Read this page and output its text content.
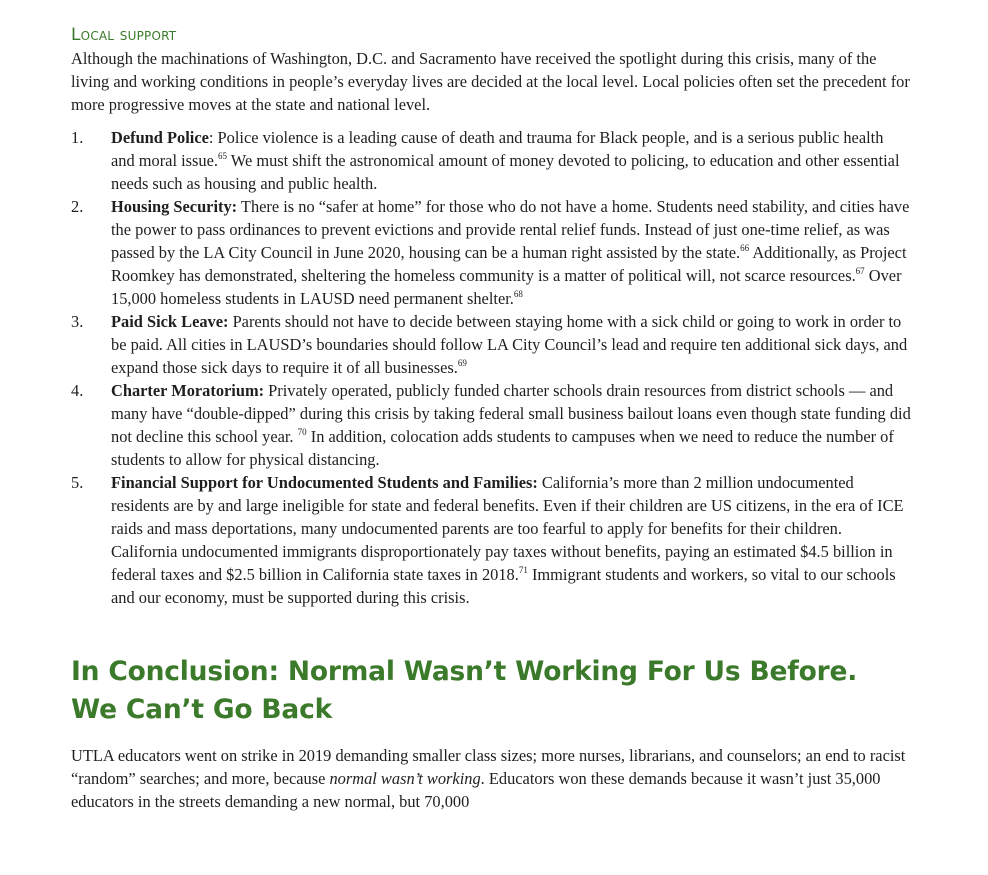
Local support

Although the machinations of Washington, D.C. and Sacramento have received the spotlight during this crisis, many of the living and working conditions in people’s everyday lives are decided at the local level. Local policies often set the precedent for more progressive moves at the state and national level.

1. Defund Police: Police violence is a leading cause of death and trauma for Black people, and is a serious public health and moral issue.$^{65}$ We must shift the astronomical amount of money devoted to policing, to education and other essential needs such as housing and public health.
2. Housing Security: There is no “safer at home” for those who do not have a home. Students need stability, and cities have the power to pass ordinances to prevent evictions and provide rental relief funds. Instead of just one-time relief, as was passed by the LA City Council in June 2020, housing can be a human right assisted by the state.$^{66}$ Additionally, as Project Roomkey has demonstrated, sheltering the homeless community is a matter of political will, not scarce resources.$^{67}$ Over 15,000 homeless students in LAUSD need permanent shelter.$^{68}$
3. Paid Sick Leave: Parents should not have to decide between staying home with a sick child or going to work in order to be paid. All cities in LAUSD’s boundaries should follow LA City Council’s lead and require ten additional sick days, and expand those sick days to require it of all businesses.$^{69}$
4. Charter Moratorium: Privately operated, publicly funded charter schools drain resources from district schools — and many have “double-dipped” during this crisis by taking federal small business bailout loans even though state funding did not decline this school year. $^{70}$ In addition, colocation adds students to campuses when we need to reduce the number of students to allow for physical distancing.
5. Financial Support for Undocumented Students and Families: California’s more than 2 million undocumented residents are by and large ineligible for state and federal benefits. Even if their children are US citizens, in the era of ICE raids and mass deportations, many undocumented parents are too fearful to apply for benefits for their children. California undocumented immigrants disproportionately pay taxes without benefits, paying an estimated $4.5 billion in federal taxes and $2.5 billion in California state taxes in 2018.71 Immigrant students and workers, so vital to our schools and our economy, must be supported during this crisis.
In Conclusion: Normal Wasn’t Working For Us Before.
We Can’t Go Back

UTLA educators went on strike in 2019 demanding smaller class sizes; more nurses, librarians, and counselors; an end to racist “random” searches; and more, because normal wasn’t working. Educators won these demands because it wasn’t just 35,000 educators in the streets demanding a new normal, but 70,000
